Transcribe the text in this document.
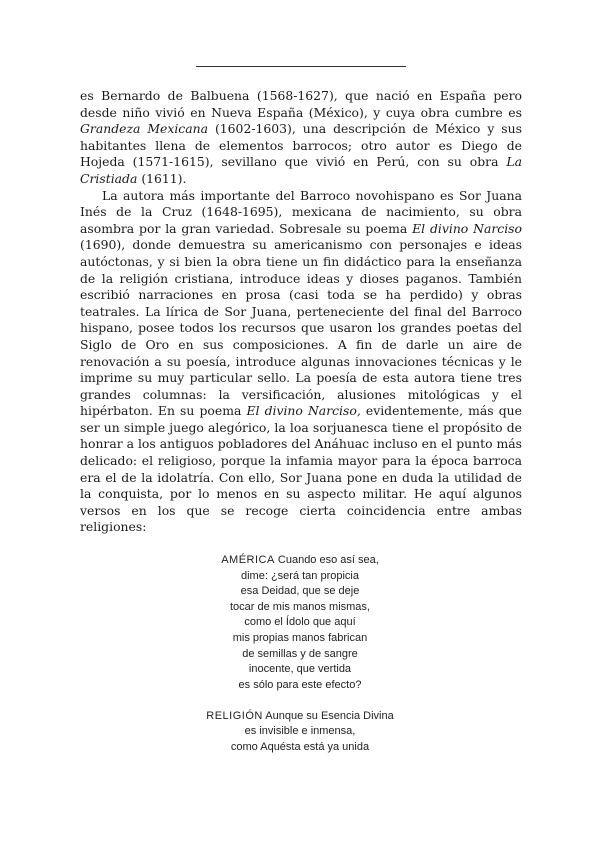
es Bernardo de Balbuena (1568-1627), que nació en España pero desde niño vivió en Nueva España (México), y cuya obra cumbre es Grandeza Mexicana (1602-1603), una descripción de México y sus habitantes llena de elementos barrocos; otro autor es Diego de Hojeda (1571-1615), sevillano que vivió en Perú, con su obra La Cristiada (1611).

La autora más importante del Barroco novohispano es Sor Juana Inés de la Cruz (1648-1695), mexicana de nacimiento, su obra asombra por la gran variedad. Sobresale su poema El divino Narciso (1690), donde demuestra su americanismo con personajes e ideas autóctonas, y si bien la obra tiene un fin didáctico para la enseñanza de la religión cristiana, introduce ideas y dioses paganos. También escribió narraciones en prosa (casi toda se ha perdido) y obras teatrales. La lírica de Sor Juana, perteneciente del final del Barroco hispano, posee todos los recursos que usaron los grandes poetas del Siglo de Oro en sus composiciones. A fin de darle un aire de renovación a su poesía, introduce algunas innovaciones técnicas y le imprime su muy particular sello. La poesía de esta autora tiene tres grandes columnas: la versificación, alusiones mitológicas y el hipérbaton. En su poema El divino Narciso, evidentemente, más que ser un simple juego alegórico, la loa sorjuanesca tiene el propósito de honrar a los antiguos pobladores del Anáhuac incluso en el punto más delicado: el religioso, porque la infamia mayor para la época barroca era el de la idolatría. Con ello, Sor Juana pone en duda la utilidad de la conquista, por lo menos en su aspecto militar. He aquí algunos versos en los que se recoge cierta coincidencia entre ambas religiones:

AMÉRICA Cuando eso así sea,
dime: ¿será tan propicia
esa Deidad, que se deje
tocar de mis manos mismas,
como el Ídolo que aquí
mis propias manos fabrican
de semillas y de sangre
inocente, que vertida
es sólo para este efecto?
RELIGIÓN Aunque su Esencia Divina
es invisible e inmensa,
como Aquésta está ya unida
